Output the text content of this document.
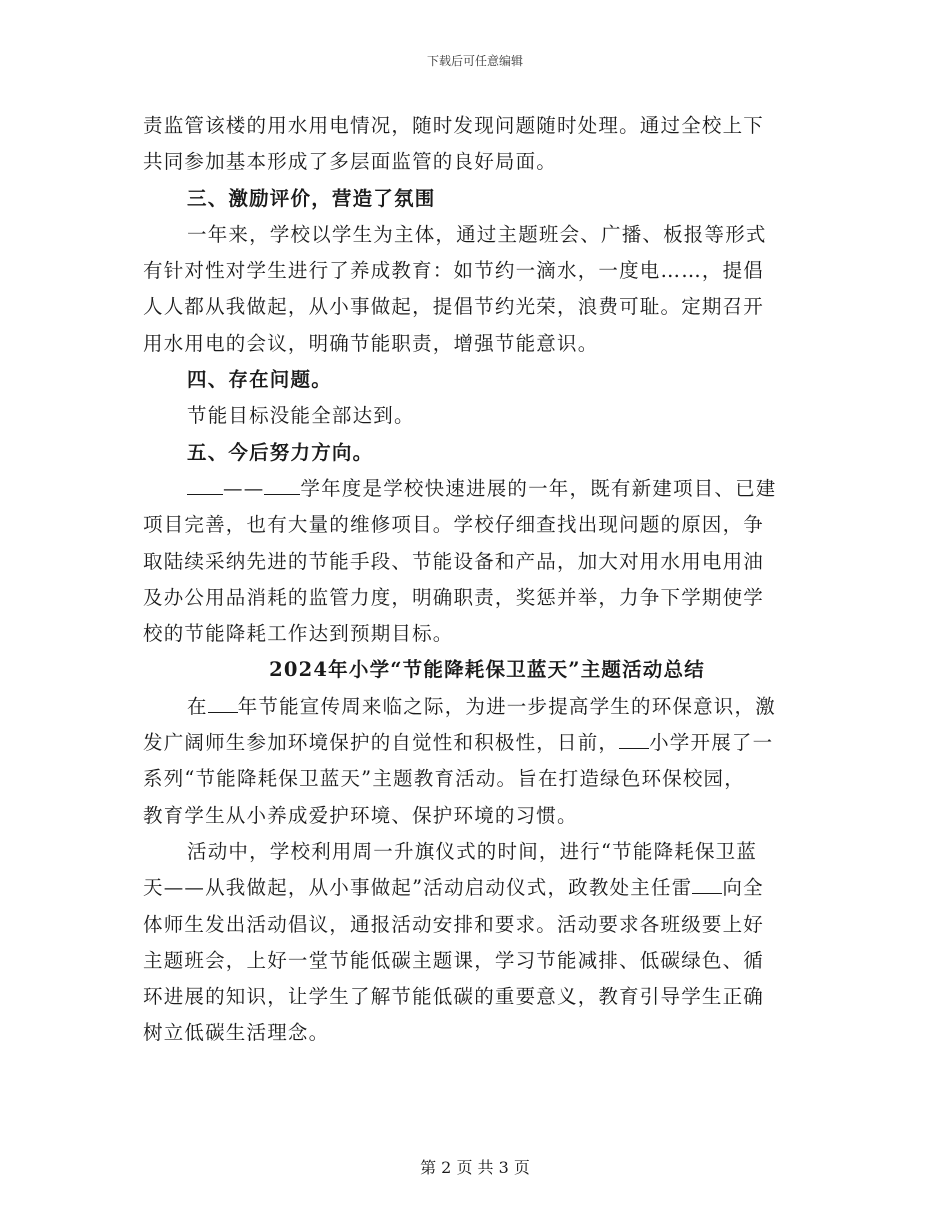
下载后可任意编辑
责监管该楼的用水用电情况，随时发现问题随时处理。通过全校上下
共同参加基本形成了多层面监管的良好局面。
三、激励评价，营造了氛围
一年来，学校以学生为主体，通过主题班会、广播、板报等形式
有针对性对学生进行了养成教育：如节约一滴水，一度电……，提倡
人人都从我做起，从小事做起，提倡节约光荣，浪费可耻。定期召开
用水用电的会议，明确节能职责，增强节能意识。
四、存在问题。
节能目标没能全部达到。
五、今后努力方向。
—— 学年度是学校快速进展的一年，既有新建项目、已建
项目完善，也有大量的维修项目。学校仔细查找出现问题的原因，争
取陆续采纳先进的节能手段、节能设备和产品，加大对用水用电用油
及办公用品消耗的监管力度，明确职责，奖惩并举，力争下学期使学
校的节能降耗工作达到预期目标。
2024年小学“节能降耗保卫蓝天”主题活动总结
在 年节能宣传周来临之际，为进一步提高学生的环保意识，激
发广阔师生参加环境保护的自觉性和积极性，日前， 小学开展了一
系列“节能降耗保卫蓝天”主题教育活动。旨在打造绿色环保校园，
教育学生从小养成爱护环境、保护环境的习惯。
活动中，学校利用周一升旗仪式的时间，进行“节能降耗保卫蓝
天——从我做起，从小事做起”活动启动仪式，政教处主任雷 向全
体师生发出活动倡议，通报活动安排和要求。活动要求各班级要上好
主题班会，上好一堂节能低碳主题课，学习节能减排、低碳绿色、循
环进展的知识，让学生了解节能低碳的重要意义，教育引导学生正确
树立低碳生活理念。
第 2 页 共 3 页
